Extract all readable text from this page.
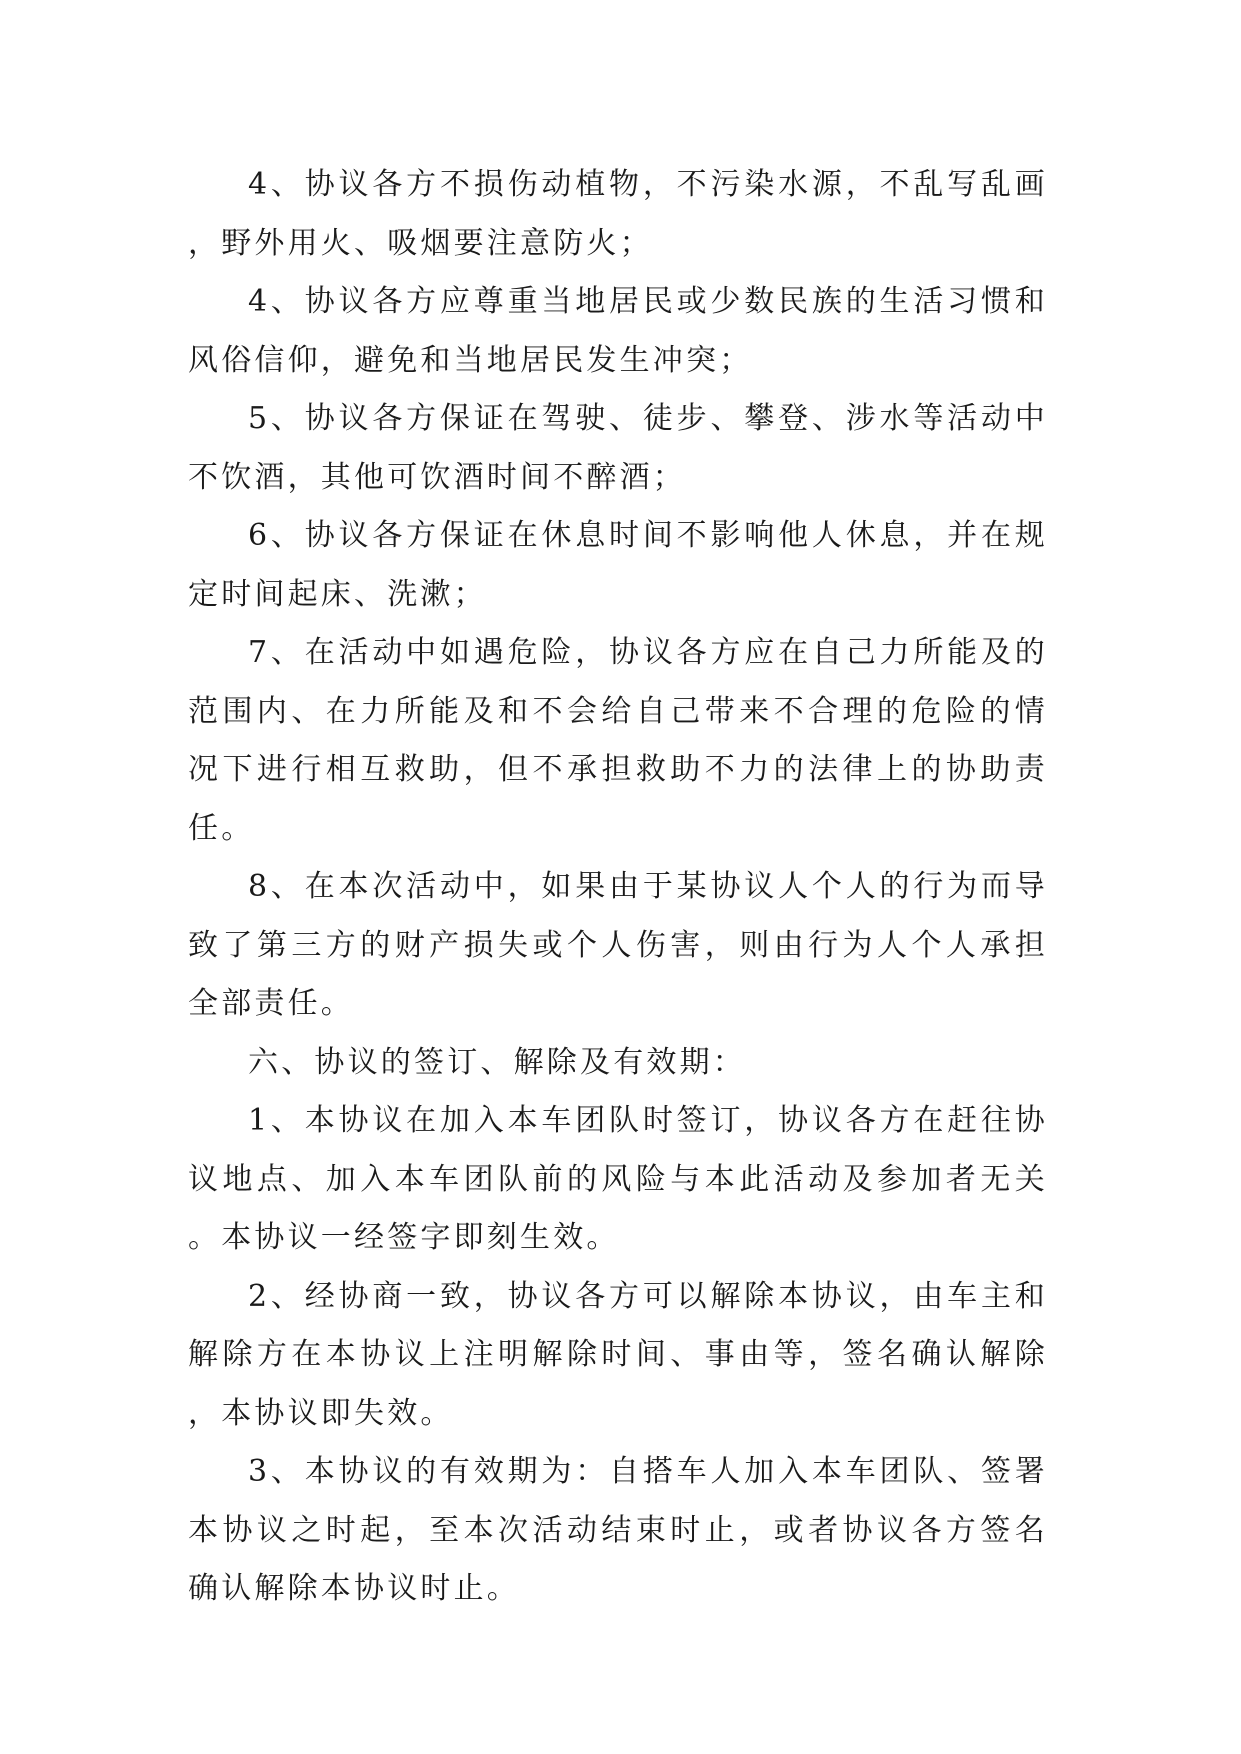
4、协议各方不损伤动植物，不污染水源，不乱写乱画，野外用火、吸烟要注意防火；

4、协议各方应尊重当地居民或少数民族的生活习惯和风俗信仰，避免和当地居民发生冲突；

5、协议各方保证在驾驶、徒步、攀登、涉水等活动中不饮酒，其他可饮酒时间不醉酒；

6、协议各方保证在休息时间不影响他人休息，并在规定时间起床、洗漱；

7、在活动中如遇危险，协议各方应在自己力所能及的范围内、在力所能及和不会给自己带来不合理的危险的情况下进行相互救助，但不承担救助不力的法律上的协助责任。

8、在本次活动中，如果由于某协议人个人的行为而导致了第三方的财产损失或个人伤害，则由行为人个人承担全部责任。

六、协议的签订、解除及有效期：

1、本协议在加入本车团队时签订，协议各方在赶往协议地点、加入本车团队前的风险与本此活动及参加者无关。本协议一经签字即刻生效。

2、经协商一致，协议各方可以解除本协议，由车主和解除方在本协议上注明解除时间、事由等，签名确认解除，本协议即失效。

3、本协议的有效期为：自搭车人加入本车团队、签署本协议之时起，至本次活动结束时止，或者协议各方签名确认解除本协议时止。
